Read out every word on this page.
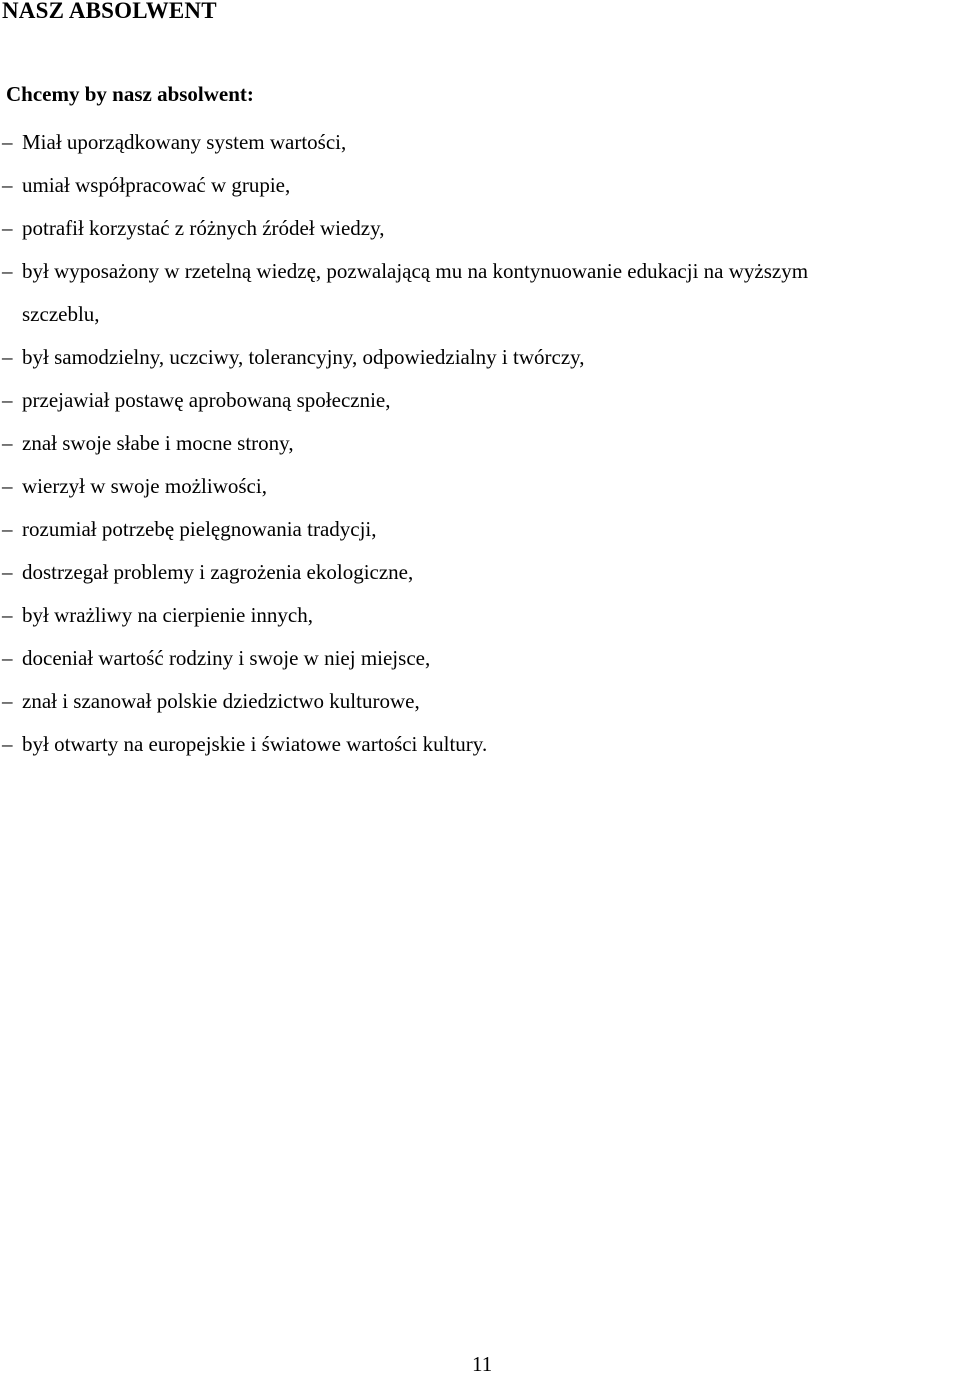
NASZ ABSOLWENT
Chcemy by nasz absolwent:
– Miał uporządkowany system wartości,
– umiał współpracować w grupie,
– potrafił korzystać z różnych źródeł wiedzy,
– był wyposażony w rzetelną wiedzę, pozwalającą mu na kontynuowanie edukacji na wyższym
szczeblu,
– był samodzielny, uczciwy, tolerancyjny, odpowiedzialny i twórczy,
– przejawiał postawę aprobowaną społecznie,
– znał swoje słabe i mocne strony,
– wierzył w swoje możliwości,
– rozumiał potrzebę pielęgnowania tradycji,
– dostrzegał problemy i zagrożenia ekologiczne,
– był wrażliwy na cierpienie innych,
– doceniał wartość rodziny i swoje w niej miejsce,
– znał i szanował polskie dziedzictwo kulturowe,
– był otwarty na europejskie i światowe wartości kultury.
11
